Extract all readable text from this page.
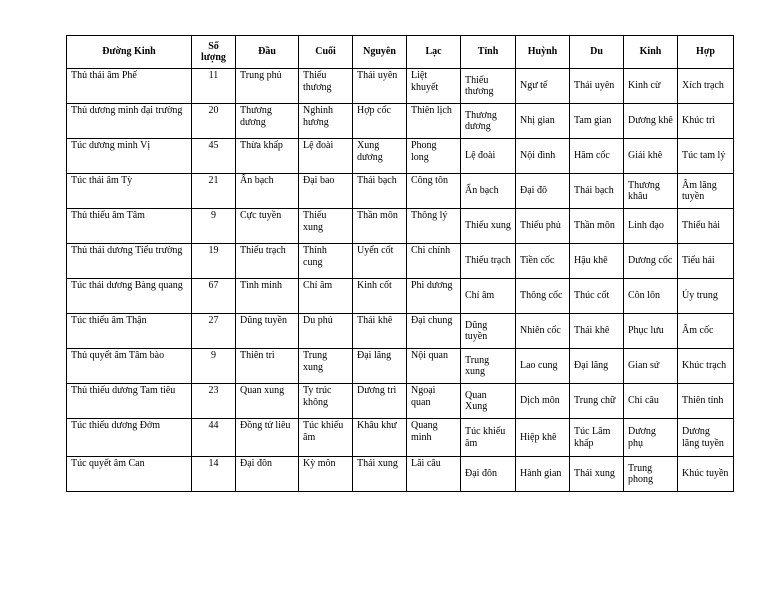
Đường Kinh	Số lượng	Đầu	Cuối	Nguyên	Lạc	Tỉnh	Huỳnh	Du	Kinh	Hợp
Thủ thái âm Phế	11	Trung phủ	Thiếu thương	Thái uyên	Liệt khuyết	Thiếu thương	Ngư tế	Thái uyên	Kinh cừ	Xích trạch
Thủ dương minh đại trường	20	Thương dương	Nghinh hương	Hợp cốc	Thiên lịch	Thương dương	Nhị gian	Tam gian	Dương khê	Khúc trì
Túc dương minh Vị	45	Thừa khấp	Lệ đoài	Xung dương	Phong long	Lệ đoài	Nội đình	Hãm cốc	Giải khê	Túc tam lý
Túc thái âm Tỳ	21	Ẩn bạch	Đại bao	Thái bạch	Công tôn	Ẩn bạch	Đại đô	Thái bạch	Thương khâu	Âm lăng tuyền
Thủ thiếu âm Tâm	9	Cực tuyền	Thiếu xung	Thần môn	Thông lý	Thiếu xung	Thiếu phủ	Thần môn	Linh đạo	Thiếu hải
Thủ thái dương Tiểu trường	19	Thiếu trạch	Thính cung	Uyển cốt	Chi chính	Thiếu trạch	Tiền cốc	Hậu khê	Dương cốc	Tiểu hải
Túc thái dương Bàng quang	67	Tình minh	Chí âm	Kinh cốt	Phi dương	Chí âm	Thông cốc	Thúc cốt	Côn lôn	Ủy trung
Túc thiếu âm Thận	27	Dũng tuyền	Du phủ	Thái khê	Đại chung	Dũng tuyền	Nhiên cốc	Thái khê	Phục lưu	Âm cốc
Thủ quyết âm Tâm bào	9	Thiên trì	Trung xung	Đại lăng	Nội quan	Trung xung	Lao cung	Đại lăng	Gian sứ	Khúc trạch
Thủ thiếu dương Tam tiêu	23	Quan xung	Ty trúc không	Dương trì	Ngoại quan	Quan Xung	Dịch môn	Trung chữ	Chi câu	Thiên tỉnh
Túc thiếu dương Đởm	44	Đồng tử liêu	Túc khiếu âm	Khâu khư	Quang minh	Túc khiếu âm	Hiệp khê	Túc Lâm khấp	Dương phụ	Dương lăng tuyền
Túc quyết âm Can	14	Đại đôn	Kỳ môn	Thái xung	Lãi câu	Đại đôn	Hành gian	Thái xung	Trung phong	Khúc tuyền
